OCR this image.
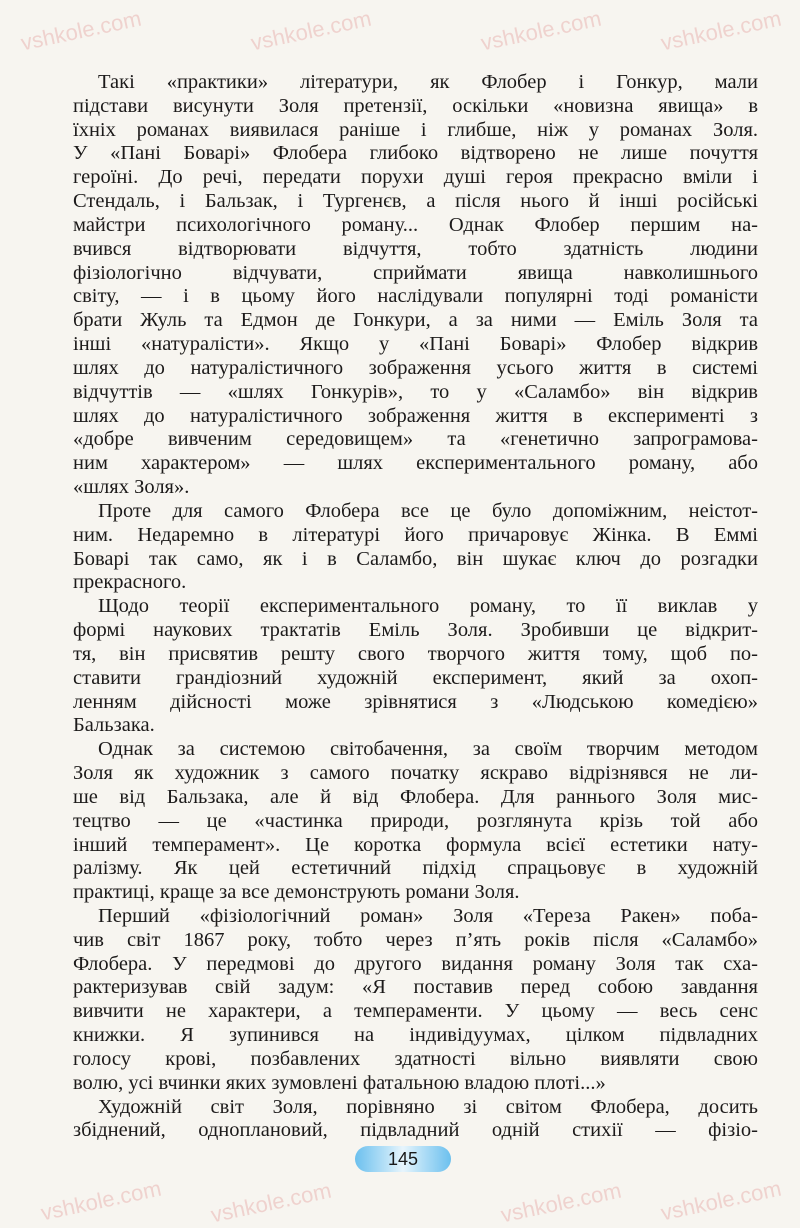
Такі «практики» літератури, як Флобер і Гонкур, мали
підстави висунути Золя претензії, оскільки «новизна явища» в
їхніх романах виявилася раніше і глибше, ніж у романах Золя.
У «Пані Боварі» Флобера глибоко відтворено не лише почуття
героїні. До речі, передати порухи душі героя прекрасно вміли і
Стендаль, і Бальзак, і Тургенєв, а після нього й інші російські
майстри психологічного роману... Однак Флобер першим на-
вчився відтворювати відчуття, тобто здатність людини
фізіологічно відчувати, сприймати явища навколишнього
світу, — і в цьому його наслідували популярні тоді романісти
брати Жуль та Едмон де Гонкури, а за ними — Еміль Золя та
інші «натуралісти». Якщо у «Пані Боварі» Флобер відкрив
шлях до натуралістичного зображення усього життя в системі
відчуттів — «шлях Гонкурів», то у «Саламбо» він відкрив
шлях до натуралістичного зображення життя в експерименті з
«добре вивченим середовищем» та «генетично запрограмова-
ним характером» — шлях експериментального роману, або
«шлях Золя».
Проте для самого Флобера все це було допоміжним, неістот-
ним. Недаремно в літературі його причаровує Жінка. В Еммі
Боварі так само, як і в Саламбо, він шукає ключ до розгадки
прекрасного.
Щодо теорії експериментального роману, то її виклав у
формі наукових трактатів Еміль Золя. Зробивши це відкрит-
тя, він присвятив решту свого творчого життя тому, щоб по-
ставити грандіозний художній експеримент, який за охоп-
ленням дійсності може зрівнятися з «Людською комедією»
Бальзака.
Однак за системою світобачення, за своїм творчим методом
Золя як художник з самого початку яскраво відрізнявся не ли-
ше від Бальзака, але й від Флобера. Для раннього Золя мис-
тецтво — це «частинка природи, розглянута крізь той або
інший темперамент». Це коротка формула всієї естетики нату-
ралізму. Як цей естетичний підхід спрацьовує в художній
практиці, краще за все демонструють романи Золя.
Перший «фізіологічний роман» Золя «Тереза Ракен» поба-
чив світ 1867 року, тобто через п’ять років після «Саламбо»
Флобера. У передмові до другого видання роману Золя так сха-
рактеризував свій задум: «Я поставив перед собою завдання
вивчити не характери, а темпераменти. У цьому — весь сенс
книжки. Я зупинився на індивідуумах, цілком підвладних
голосу крові, позбавлених здатності вільно виявляти свою
волю, усі вчинки яких зумовлені фатальною владою плоті...»
Художній світ Золя, порівняно зі світом Флобера, досить
збіднений, одноплановий, підвладний одній стихії — фізіо-
145
vshkole.com	vshkole.com	vshkole.com	vshkole.com
vshkole.com vshkole.com	vshkole.com vshkole.com
